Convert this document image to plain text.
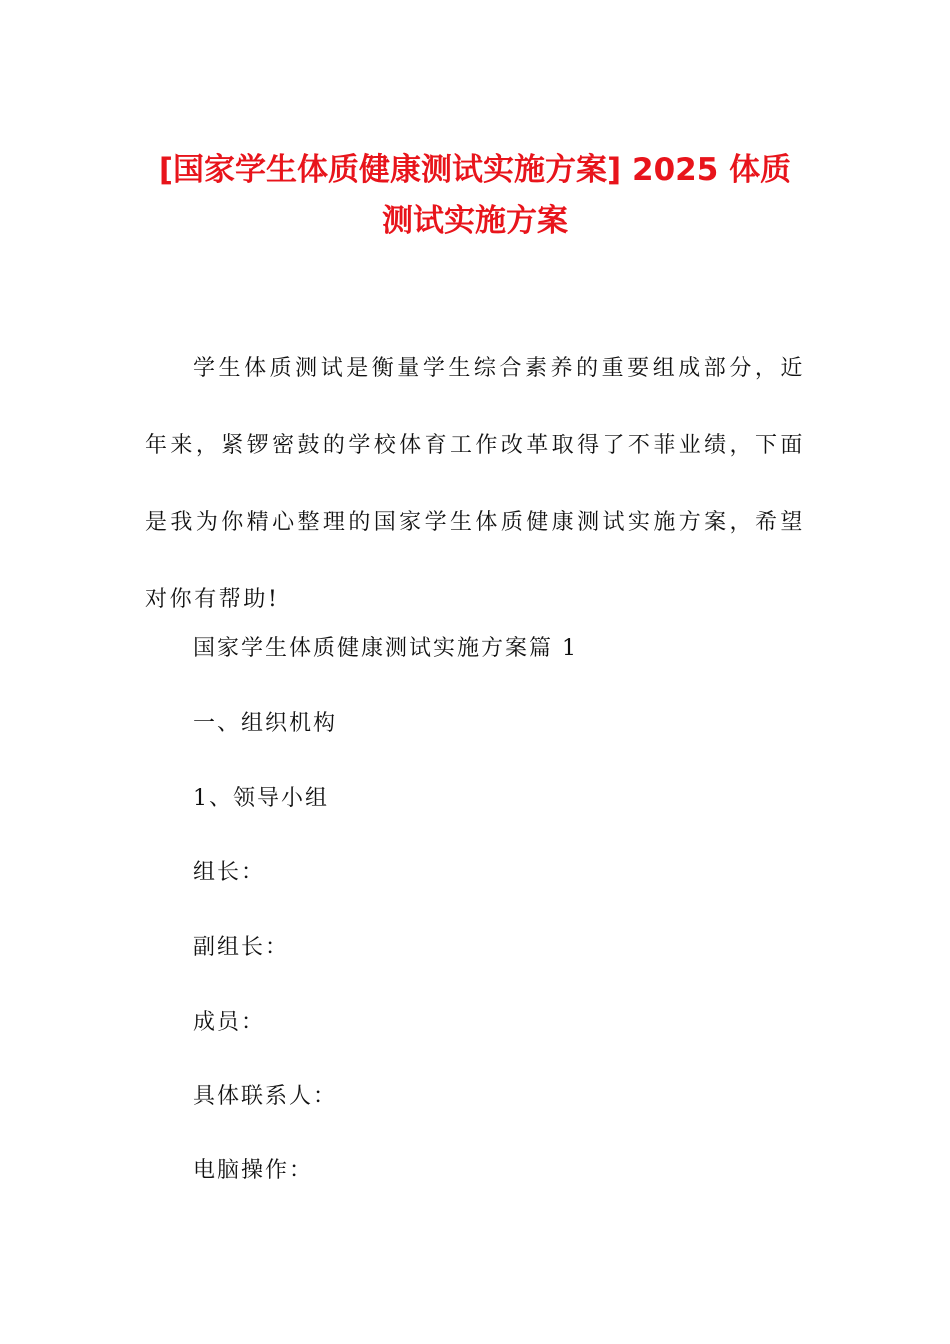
[国家学生体质健康测试实施方案] 2025 体质
测试实施方案

学生体质测试是衡量学生综合素养的重要组成部分，近年来，紧锣密鼓的学校体育工作改革取得了不菲业绩，下面是我为你精心整理的国家学生体质健康测试实施方案，希望对你有帮助!

国家学生体质健康测试实施方案篇 1

一、组织机构

1、领导小组

组长：

副组长：

成员：

具体联系人：

电脑操作：
